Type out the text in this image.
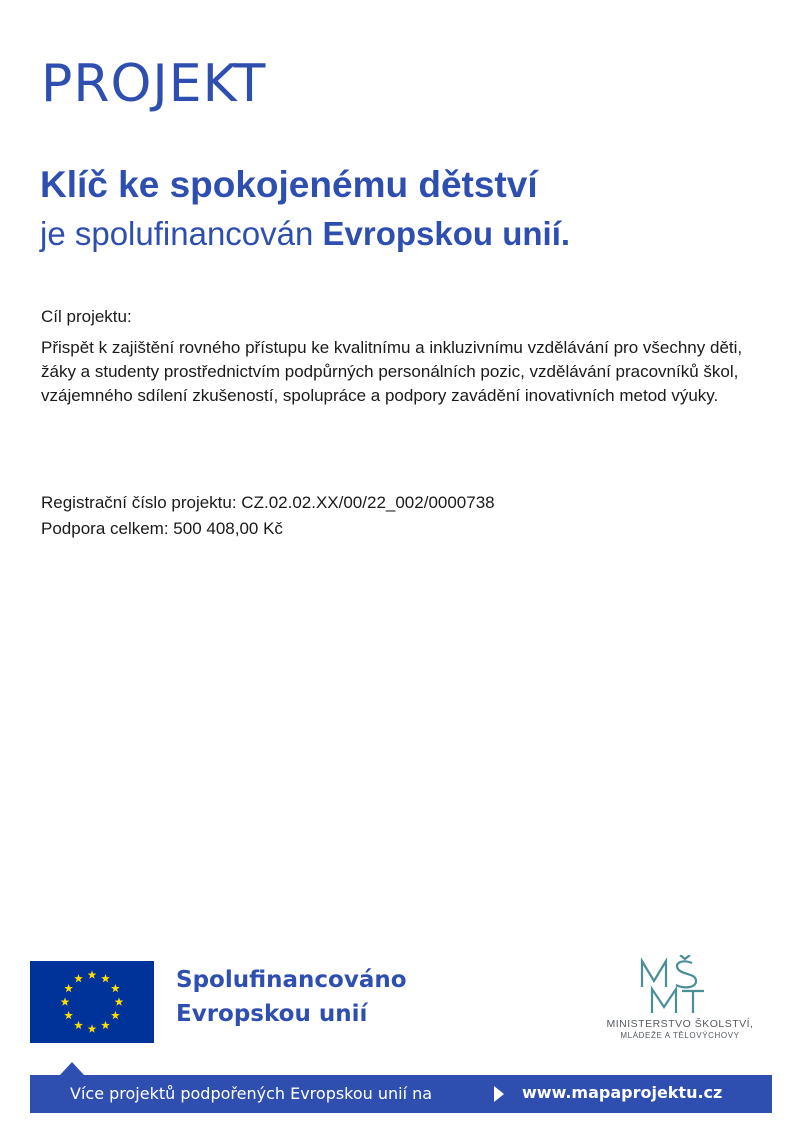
PROJEKT
Klíč ke spokojenému dětství
je spolufinancován Evropskou unií.
Cíl projektu:

Přispět k zajištění rovného přístupu ke kvalitnímu a inkluzivnímu vzdělávání pro všechny děti, žáky a studenty prostřednictvím podpůrných personálních pozic, vzdělávání pracovníků škol, vzájemného sdílení zkušeností, spolupráce a podpory zavádění inovativních metod výuky.

Registrační číslo projektu: CZ.02.02.XX/00/22_002/0000738
Podpora celkem: 500 408,00 Kč
Spolufinancováno
Evropskou unií	MINISTERSTVO ŠKOLSTVÍ,
MLÁDEŽE A TĚLOVÝCHOVY
Více projektů podpořených Evropskou unií na	www.mapaprojektu.cz
